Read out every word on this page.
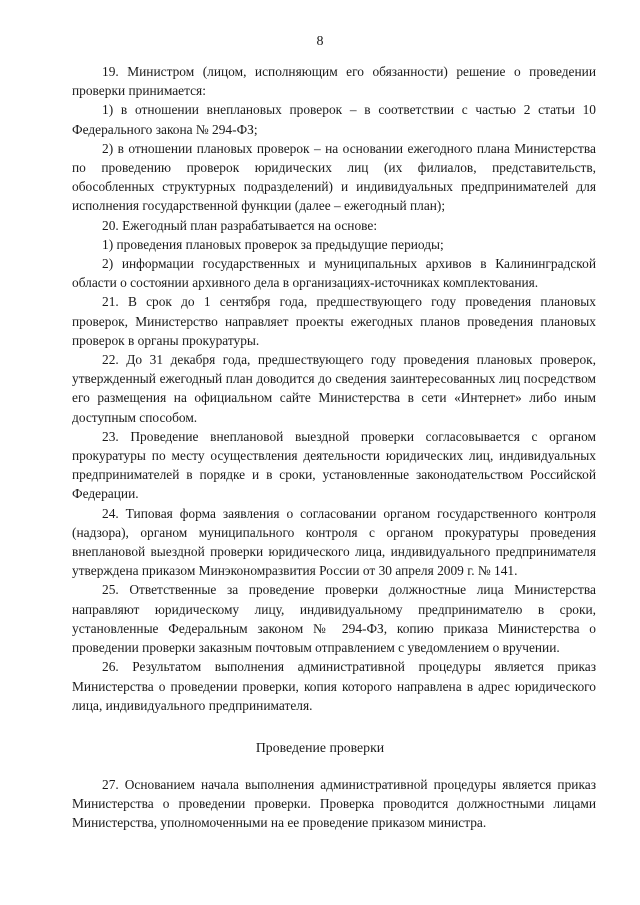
8

19. Министром (лицом, исполняющим его обязанности) решение о проведении проверки принимается:

1) в отношении внеплановых проверок – в соответствии с частью 2 статьи 10 Федерального закона № 294-ФЗ;

2) в отношении плановых проверок – на основании ежегодного плана Министерства по проведению проверок юридических лиц (их филиалов, представительств, обособленных структурных подразделений) и индивидуальных предпринимателей для исполнения государственной функции (далее – ежегодный план);

20. Ежегодный план разрабатывается на основе:

1) проведения плановых проверок за предыдущие периоды;

2) информации государственных и муниципальных архивов в Калининградской области о состоянии архивного дела в организациях-источниках комплектования.

21. В срок до 1 сентября года, предшествующего году проведения плановых проверок, Министерство направляет проекты ежегодных планов проведения плановых проверок в органы прокуратуры.

22. До 31 декабря года, предшествующего году проведения плановых проверок, утвержденный ежегодный план доводится до сведения заинтересованных лиц посредством его размещения на официальном сайте Министерства в сети «Интернет» либо иным доступным способом.

23. Проведение внеплановой выездной проверки согласовывается с органом прокуратуры по месту осуществления деятельности юридических лиц, индивидуальных предпринимателей в порядке и в сроки, установленные законодательством Российской Федерации.

24. Типовая форма заявления о согласовании органом государственного контроля (надзора), органом муниципального контроля с органом прокуратуры проведения внеплановой выездной проверки юридического лица, индивидуального предпринимателя утверждена приказом Минэкономразвития России от 30 апреля 2009 г. № 141.

25. Ответственные за проведение проверки должностные лица Министерства направляют юридическому лицу, индивидуальному предпринимателю в сроки, установленные Федеральным законом № 294-ФЗ, копию приказа Министерства о проведении проверки заказным почтовым отправлением с уведомлением о вручении.

26. Результатом выполнения административной процедуры является приказ Министерства о проведении проверки, копия которого направлена в адрес юридического лица, индивидуального предпринимателя.

Проведение проверки

27. Основанием начала выполнения административной процедуры является приказ Министерства о проведении проверки. Проверка проводится должностными лицами Министерства, уполномоченными на ее проведение приказом министра.
